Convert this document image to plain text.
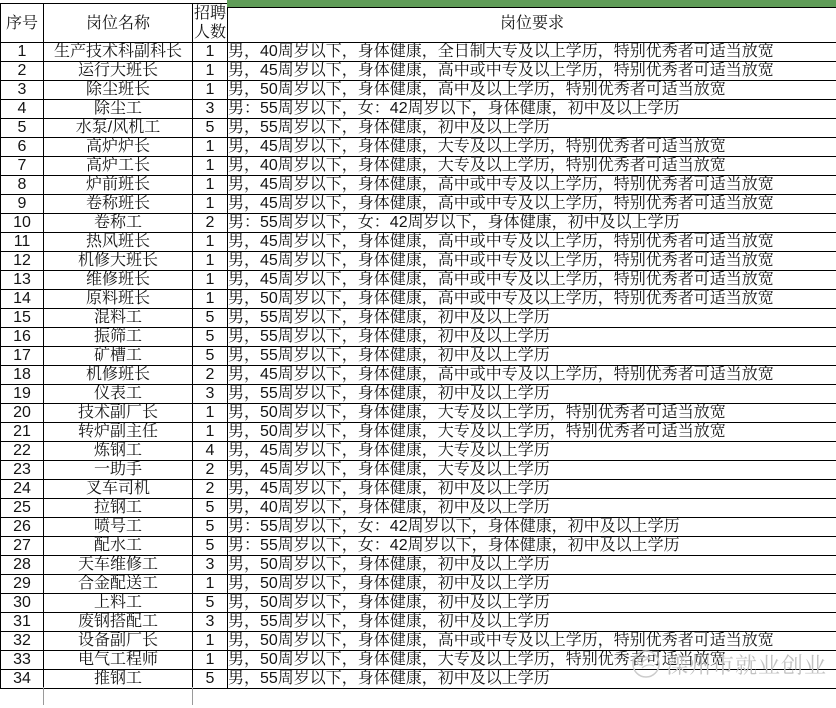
序号	岗位名称	招聘人数	岗位要求
1	生产技术科副科长	1	男，40周岁以下，身体健康，全日制大专及以上学历，特别优秀者可适当放宽
2	运行大班长	1	男，45周岁以下，身体健康，高中或中专及以上学历，特别优秀者可适当放宽
3	除尘班长	1	男，50周岁以下，身体健康，高中及以上学历，特别优秀者可适当放宽
4	除尘工	3	男：55周岁以下，女：42周岁以下，身体健康，初中及以上学历
5	水泵/风机工	5	男，55周岁以下，身体健康，初中及以上学历
6	高炉炉长	1	男，45周岁以下，身体健康，大专及以上学历，特别优秀者可适当放宽
7	高炉工长	1	男，40周岁以下，身体健康，大专及以上学历，特别优秀者可适当放宽
8	炉前班长	1	男，45周岁以下，身体健康，高中或中专及以上学历，特别优秀者可适当放宽
9	卷称班长	1	男，45周岁以下，身体健康，高中或中专及以上学历，特别优秀者可适当放宽
10	卷称工	2	男：55周岁以下，女：42周岁以下，身体健康，初中及以上学历
11	热风班长	1	男，45周岁以下，身体健康，高中或中专及以上学历，特别优秀者可适当放宽
12	机修大班长	1	男，45周岁以下，身体健康，高中或中专及以上学历，特别优秀者可适当放宽
13	维修班长	1	男，45周岁以下，身体健康，高中或中专及以上学历，特别优秀者可适当放宽
14	原料班长	1	男，50周岁以下，身体健康，高中或中专及以上学历，特别优秀者可适当放宽
15	混料工	5	男，55周岁以下，身体健康，初中及以上学历
16	振筛工	5	男，55周岁以下，身体健康，初中及以上学历
17	矿槽工	5	男，55周岁以下，身体健康，初中及以上学历
18	机修班长	2	男，45周岁以下，身体健康，高中或中专及以上学历，特别优秀者可适当放宽
19	仪表工	3	男，55周岁以下，身体健康，初中及以上学历
20	技术副厂长	1	男，50周岁以下，身体健康，大专及以上学历，特别优秀者可适当放宽
21	转炉副主任	1	男，50周岁以下，身体健康，大专及以上学历，特别优秀者可适当放宽
22	炼钢工	4	男，45周岁以下，身体健康，大专及以上学历
23	一助手	2	男，45周岁以下，身体健康，大专及以上学历
24	叉车司机	2	男，45周岁以下，身体健康，初中及以上学历
25	拉钢工	5	男，40周岁以下，身体健康，初中及以上学历
26	喷号工	5	男：55周岁以下，女：42周岁以下，身体健康，初中及以上学历
27	配水工	5	男：55周岁以下，女：42周岁以下，身体健康，初中及以上学历
28	天车维修工	3	男，50周岁以下，身体健康，初中及以上学历
29	合金配送工	1	男，50周岁以下，身体健康，初中及以上学历
30	上料工	5	男，50周岁以下，身体健康，初中及以上学历
31	废钢搭配工	3	男，55周岁以下，身体健康，初中及以上学历
32	设备副厂长	1	男，50周岁以下，身体健康，高中或中专及以上学历，特别优秀者可适当放宽
33	电气工程师	1	男，50周岁以下，身体健康，大专及以上学历，特别优秀者可适当放宽
34	推钢工	5	男，55周岁以下，身体健康，初中及以上学历
滦州市就业创业
